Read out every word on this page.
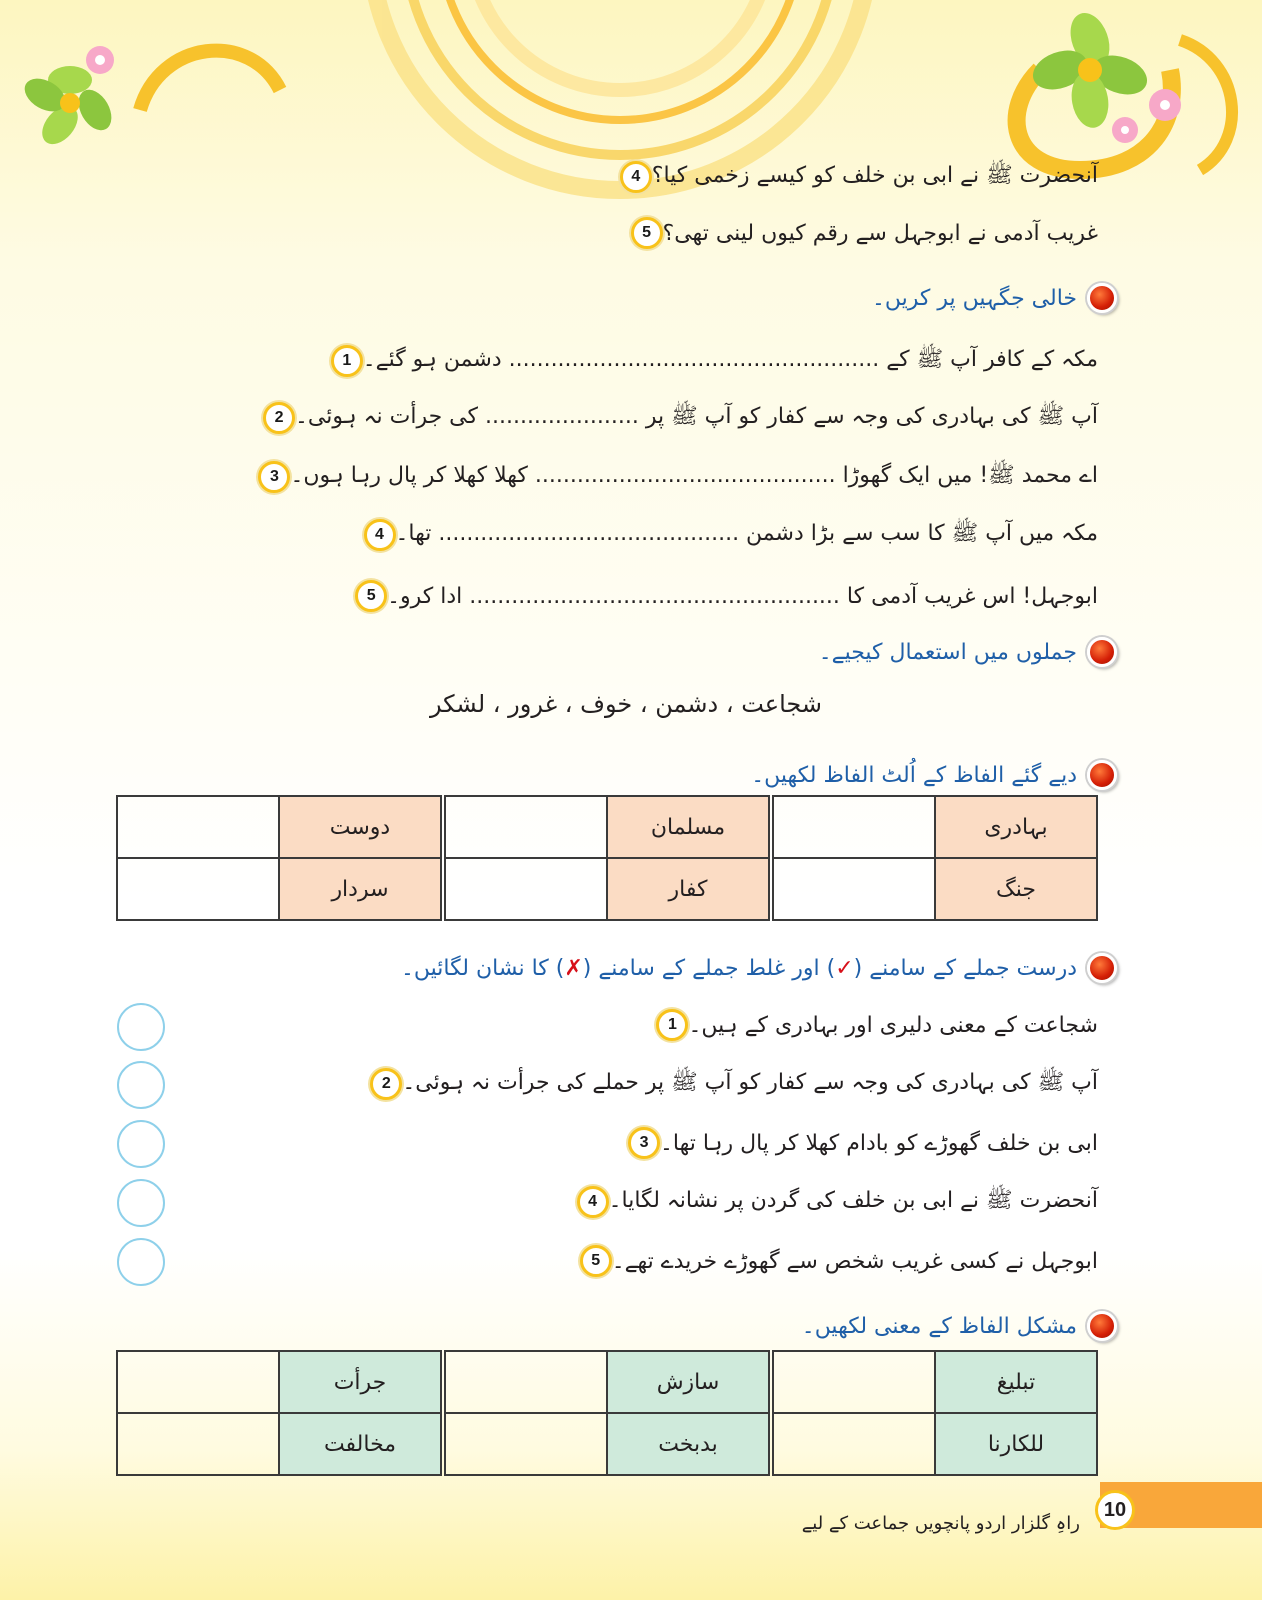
4 آنحضرت ﷺ نے ابی بن خلف کو کیسے زخمی کیا؟
5 غریب آدمی نے ابوجہل سے رقم کیوں لینی تھی؟
خالی جگہیں پر کریں۔
1 مکہ کے کافر آپ ﷺ کے ..................................................... دشمن ہو گئے۔
2 آپ ﷺ کی بہادری کی وجہ سے کفار کو آپ ﷺ پر ...................... کی جرأت نہ ہوئی۔
3 اے محمد ﷺ! میں ایک گھوڑا ........................................... کھلا کھلا کر پال رہا ہوں۔
4 مکہ میں آپ ﷺ کا سب سے بڑا دشمن ........................................... تھا۔
5 ابوجہل! اس غریب آدمی کا ..................................................... ادا کرو۔
جملوں میں استعمال کیجیے۔
شجاعت ، دشمن ، خوف ، غرور ، لشکر
دیے گئے الفاظ کے اُلٹ الفاظ لکھیں۔
	دوست			مسلمان			بہادری
	سردار			کفار			جنگ
درست جملے کے سامنے (✓) اور غلط جملے کے سامنے (✗) کا نشان لگائیں۔
1 شجاعت کے معنی دلیری اور بہادری کے ہیں۔
2 آپ ﷺ کی بہادری کی وجہ سے کفار کو آپ ﷺ پر حملے کی جرأت نہ ہوئی۔
3 ابی بن خلف گھوڑے کو بادام کھلا کر پال رہا تھا۔
4 آنحضرت ﷺ نے ابی بن خلف کی گردن پر نشانہ لگایا۔
5 ابوجہل نے کسی غریب شخص سے گھوڑے خریدے تھے۔
مشکل الفاظ کے معنی لکھیں۔
	جرأت			سازش			تبلیغ
	مخالفت			بدبخت			للکارنا
10
راہِ گلزار اردو پانچویں جماعت کے لیے
